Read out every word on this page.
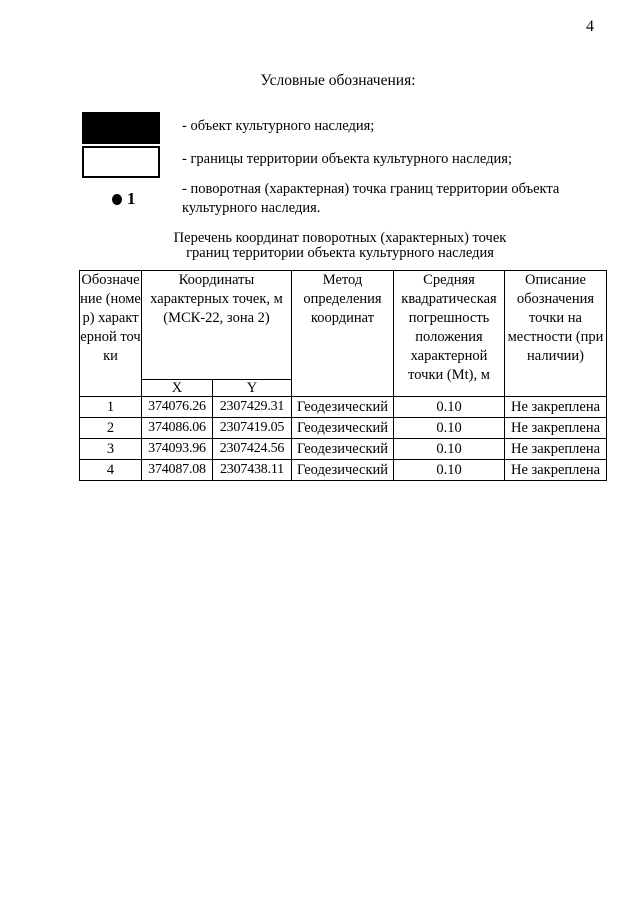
4
Условные обозначения:
- объект культурного наследия;
- границы территории объекта культурного наследия;
1	- поворотная (характерная) точка границ территории объекта культурного наследия.
Перечень координат поворотных (характерных) точек
границ территории объекта культурного наследия
Обозначение (номер) характерной точки	Координаты характерных точек, м (МСК-22, зона 2)		Метод определения координат	Средняя квадратическая погрешность положения характерной точки (Mt), м	Описание обозначения точки на местности (при наличии)
	X	Y			
1	374076.26	2307429.31	Геодезический	0.10	Не закреплена
2	374086.06	2307419.05	Геодезический	0.10	Не закреплена
3	374093.96	2307424.56	Геодезический	0.10	Не закреплена
4	374087.08	2307438.11	Геодезический	0.10	Не закреплена
